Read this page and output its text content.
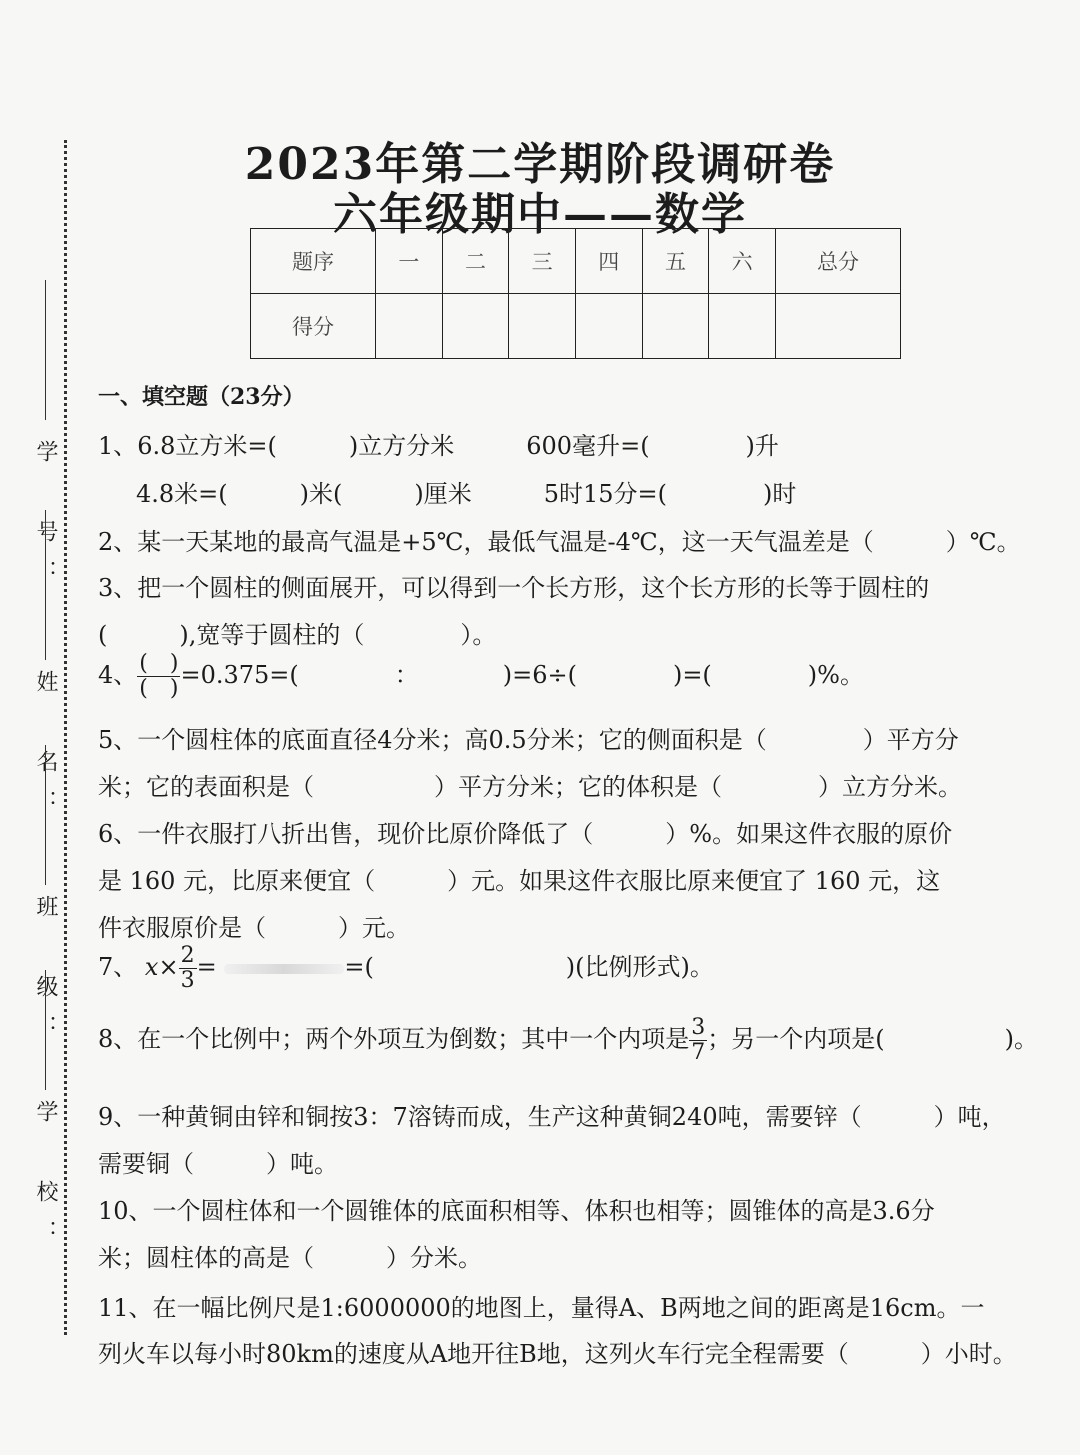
学　号：
姓　名：
班　级：
学　校：
2023年第二学期阶段调研卷
六年级期中——数学
题序	一	二	三	四	五	六	总分
得分							
一、填空题（23分）
1、6.8立方米=(　　　)立方分米　　　600毫升=(　　　　)升
4.8米=(　　　)米(　　　)厘米　　　5时15分=(　　　　)时
2、某一天某地的最高气温是+5℃，最低气温是-4℃，这一天气温差是（　　　）℃。
3、把一个圆柱的侧面展开，可以得到一个长方形，这个长方形的长等于圆柱的
(　　　),宽等于圆柱的（　　　　）。
4、 $\frac{( )}{( )} =0.375=$(　　　　：　　　　)=6÷(　　　　)=(　　　　)%。
5、一个圆柱体的底面直径4分米；高0.5分米；它的侧面积是（　　　　）平方分
米；它的表面积是（　　　　　）平方分米；它的体积是（　　　　）立方分米。
6、一件衣服打八折出售，现价比原价降低了（　　　）%。如果这件衣服的原价
是 160 元，比原来便宜（　　　）元。如果这件衣服比原来便宜了 160 元，这
件衣服原价是（　　　）元。
7、 $x\times \frac{2}{3}$ =	=(　　　　　　　　)(比例形式)。
8、在一个比例中；两个外项互为倒数；其中一个内项是 $\frac{3}{7}$ ；另一个内项是(　　　　　)。
9、一种黄铜由锌和铜按3：7溶铸而成，生产这种黄铜240吨，需要锌（　　　）吨，
需要铜（　　　）吨。
10、一个圆柱体和一个圆锥体的底面积相等、体积也相等；圆锥体的高是3.6分
米；圆柱体的高是（　　　）分米。
11、在一幅比例尺是1:6000000的地图上，量得A、B两地之间的距离是16cm。一
列火车以每小时80km的速度从A地开往B地，这列火车行完全程需要（　　　）小时。
